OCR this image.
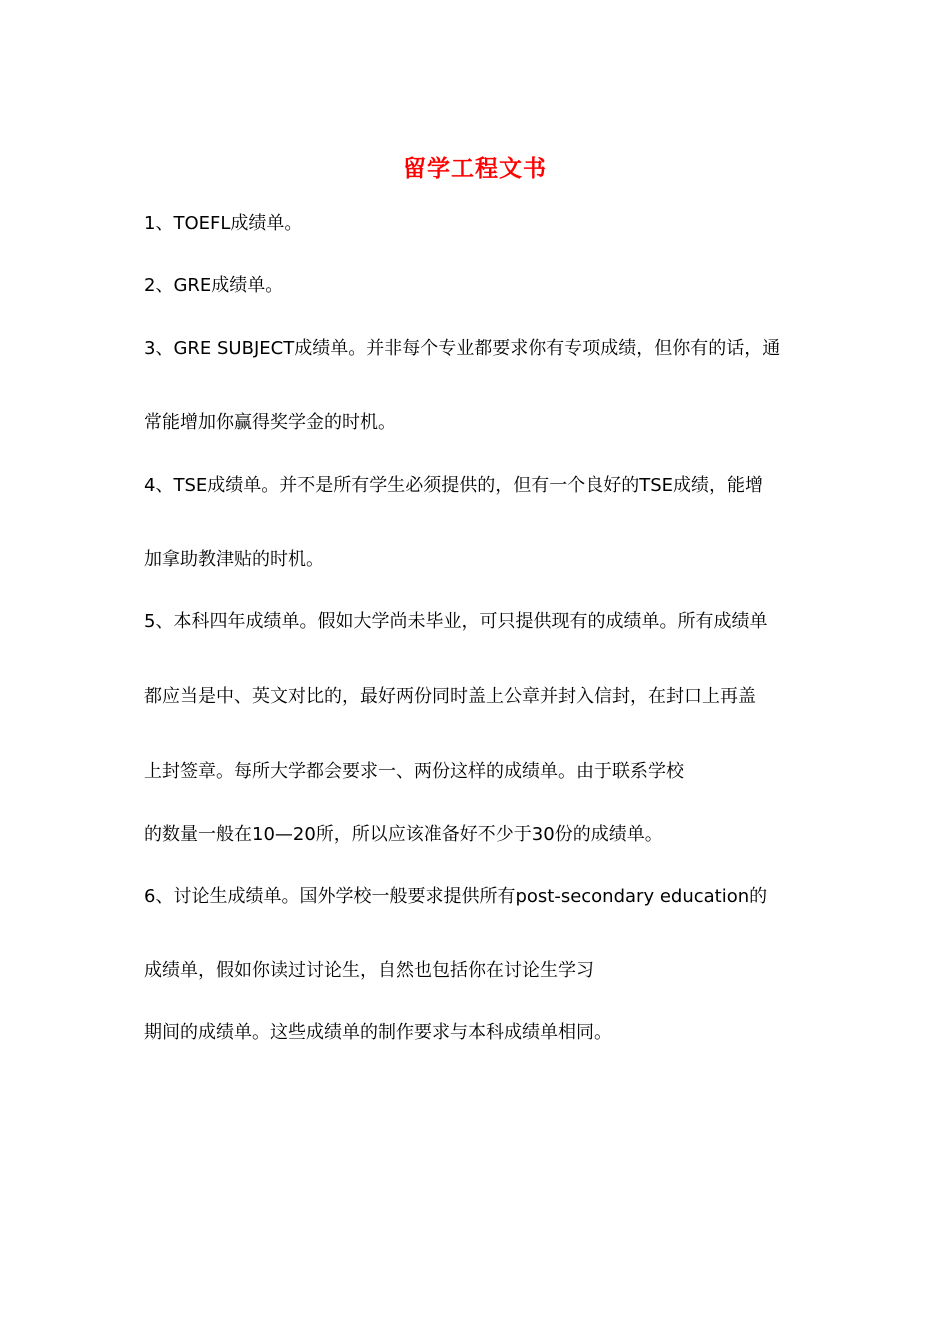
留学工程文书
1、TOEFL成绩单。
2、GRE成绩单。
3、GRE SUBJECT成绩单。并非每个专业都要求你有专项成绩，但你有的话，通
常能增加你赢得奖学金的时机。
4、TSE成绩单。并不是所有学生必须提供的，但有一个良好的TSE成绩，能增
加拿助教津贴的时机。
5、本科四年成绩单。假如大学尚未毕业，可只提供现有的成绩单。所有成绩单
都应当是中、英文对比的，最好两份同时盖上公章并封入信封，在封口上再盖
上封签章。每所大学都会要求一、两份这样的成绩单。由于联系学校
的数量一般在10—20所，所以应该准备好不少于30份的成绩单。
6、讨论生成绩单。国外学校一般要求提供所有post-secondary education的
成绩单，假如你读过讨论生，自然也包括你在讨论生学习
期间的成绩单。这些成绩单的制作要求与本科成绩单相同。
